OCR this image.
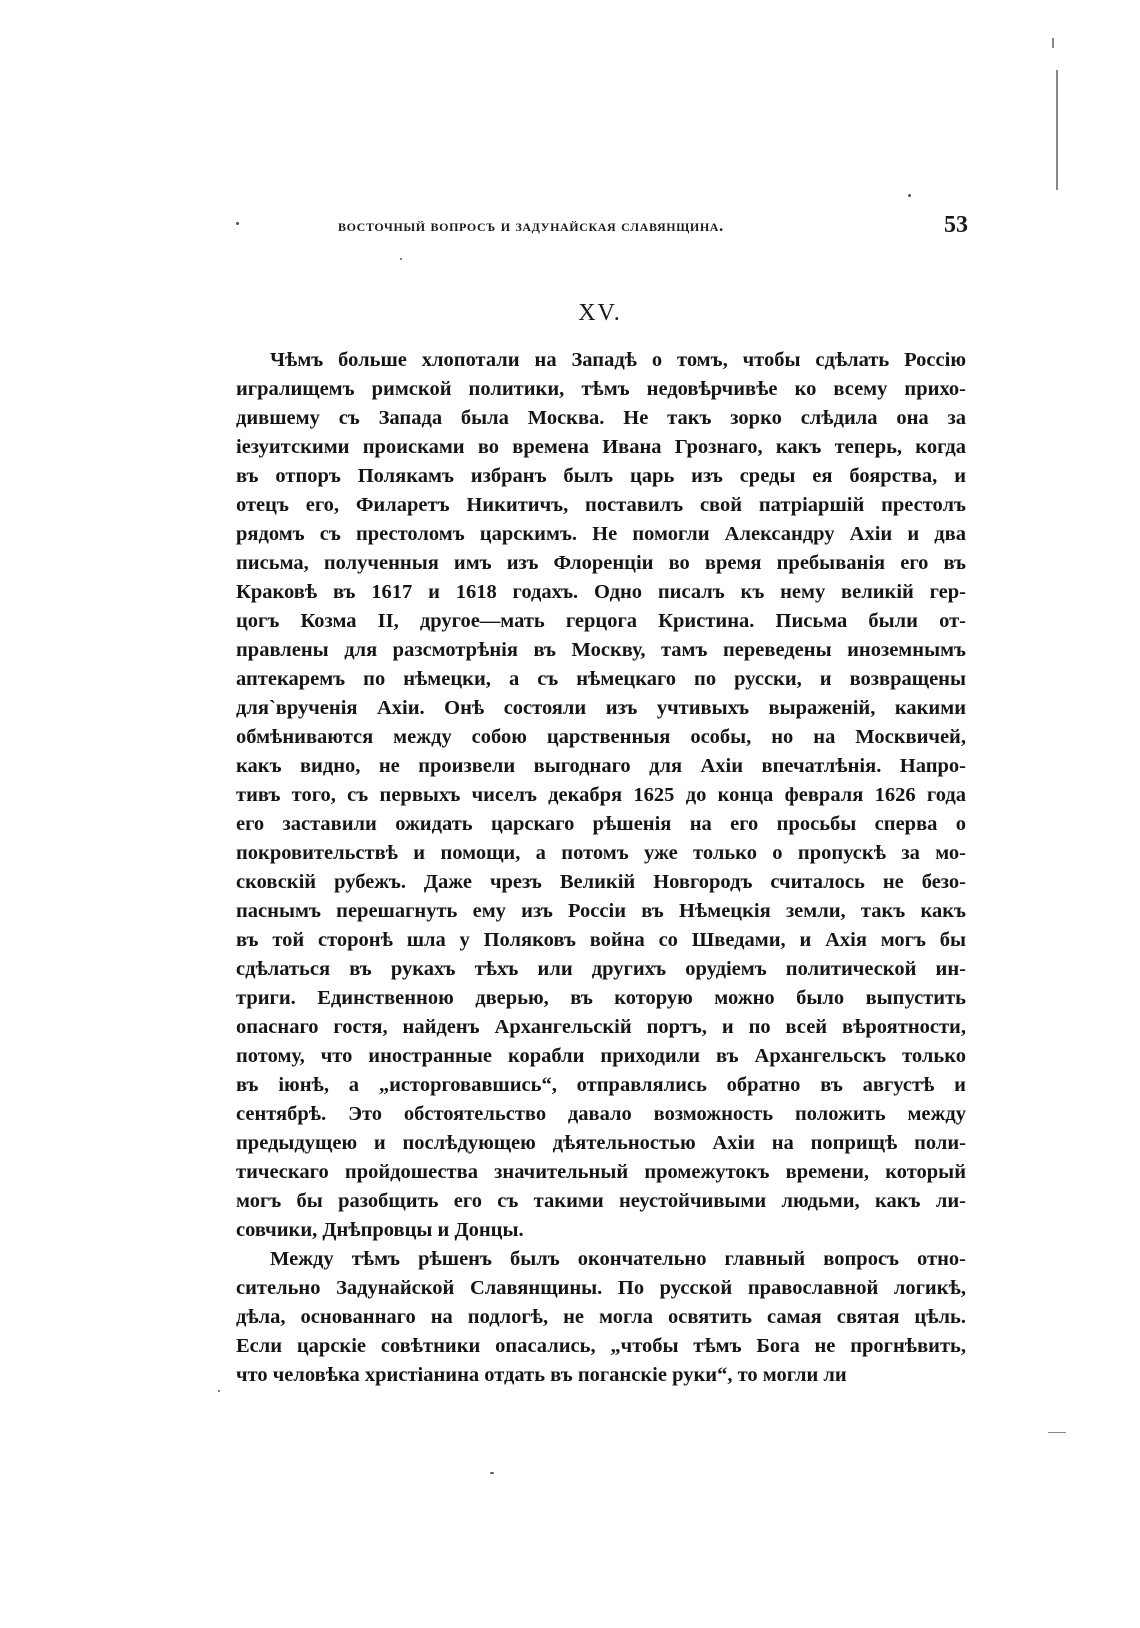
восточный вопросъ и задунайская славянщина.	53
XV.
Чѣмъ больше хлопотали на Западѣ о томъ, чтобы сдѣлать Россію
игралищемъ римской политики, тѣмъ недовѣрчивѣе ко всему прихо-
дившему съ Запада была Москва. Не такъ зорко слѣдила она за
іезуитскими происками во времена Ивана Грознаго, какъ теперь, когда
въ отпоръ Полякамъ избранъ былъ царь изъ среды ея боярства, и
отецъ его, Филаретъ Никитичъ, поставилъ свой патріаршій престолъ
рядомъ съ престоломъ царскимъ. Не помогли Александру Ахіи и два
письма, полученныя имъ изъ Флоренціи во время пребыванія его въ
Краковѣ въ 1617 и 1618 годахъ. Одно писалъ къ нему великій гер-
цогъ Козма II, другое—мать герцога Кристина. Письма были от-
правлены для разсмотрѣнія въ Москву, тамъ переведены иноземнымъ
аптекаремъ по нѣмецки, а съ нѣмецкаго по русски, и возвращены
для`врученія Ахіи. Онѣ состояли изъ учтивыхъ выраженій, какими
обмѣниваются между собою царственныя особы, но на Москвичей,
какъ видно, не произвели выгоднаго для Ахіи впечатлѣнія. Напро-
тивъ того, съ первыхъ чиселъ декабря 1625 до конца февраля 1626 года
его заставили ожидать царскаго рѣшенія на его просьбы сперва о
покровительствѣ и помощи, а потомъ уже только о пропускѣ за мо-
сковскій рубежъ. Даже чрезъ Великій Новгородъ считалось не безо-
паснымъ перешагнуть ему изъ Россіи въ Нѣмецкія земли, такъ какъ
въ той сторонѣ шла у Поляковъ война со Шведами, и Ахія могъ бы
сдѣлаться въ рукахъ тѣхъ или другихъ орудіемъ политической ин-
триги. Единственною дверью, въ которую можно было выпустить
опаснаго гостя, найденъ Архангельскій портъ, и по всей вѣроятности,
потому, что иностранные корабли приходили въ Архангельскъ только
въ іюнѣ, а „исторговавшись“, отправлялись обратно въ августѣ и
сентябрѣ. Это обстоятельство давало возможность положить между
предыдущею и послѣдующею дѣятельностью Ахіи на поприщѣ поли-
тическаго пройдошества значительный промежутокъ времени, который
могъ бы разобщить его съ такими неустойчивыми людьми, какъ ли-
совчики, Днѣпровцы и Донцы.
Между тѣмъ рѣшенъ былъ окончательно главный вопросъ отно-
сительно Задунайской Славянщины. По русской православной логикѣ,
дѣла, основаннаго на подлогѣ, не могла освятить самая святая цѣль.
Если царскіе совѣтники опасались, „чтобы тѣмъ Бога не прогнѣвить,
что человѣка христіанина отдать въ поганскіе руки“, то могли ли
